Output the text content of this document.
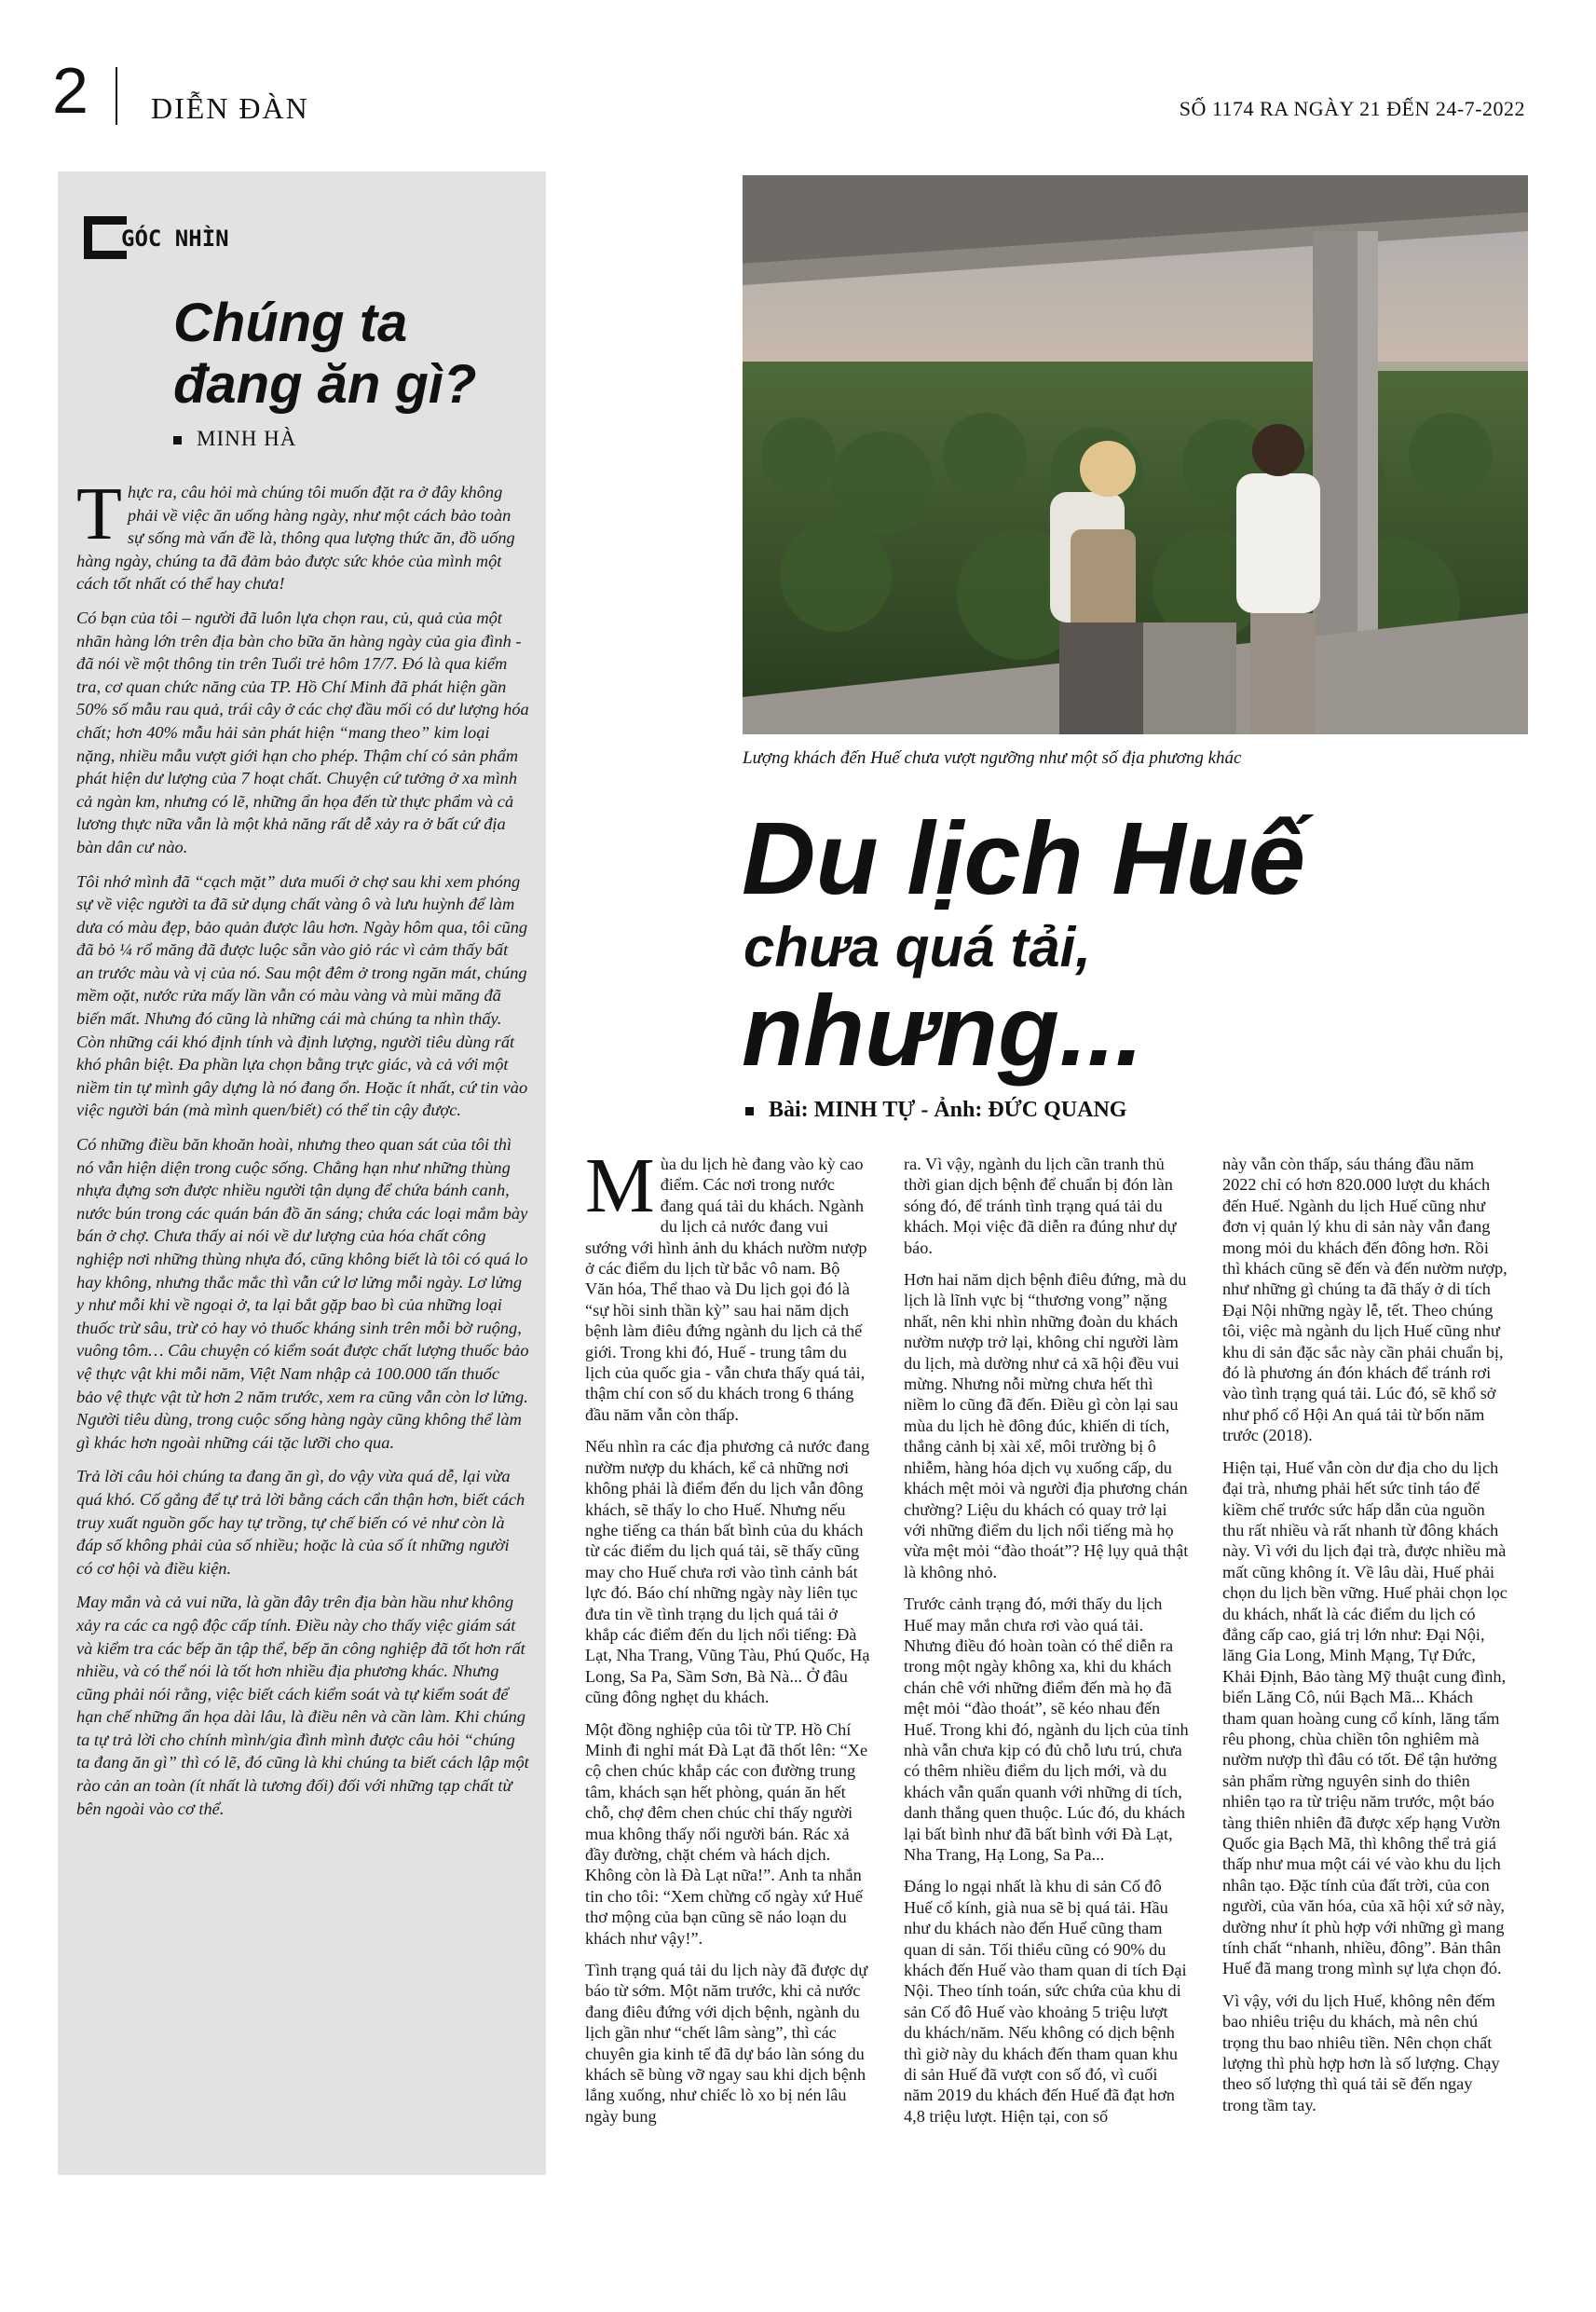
2 DIỄN ĐÀN	SỐ 1174 RA NGÀY 21 ĐẾN 24-7-2022
GÓC NHÌN
Chúng ta
đang ăn gì?
MINH HÀ

Thực ra, câu hỏi mà chúng tôi muốn đặt ra ở đây không phải về việc ăn uống hàng ngày, như một cách bảo toàn sự sống mà vấn đề là, thông qua lượng thức ăn, đồ uống hàng ngày, chúng ta đã đảm bảo được sức khỏe của mình một cách tốt nhất có thể hay chưa!

Có bạn của tôi – người đã luôn lựa chọn rau, củ, quả của một nhãn hàng lớn trên địa bàn cho bữa ăn hàng ngày của gia đình - đã nói về một thông tin trên Tuổi trẻ hôm 17/7. Đó là qua kiểm tra, cơ quan chức năng của TP. Hồ Chí Minh đã phát hiện gần 50% số mẫu rau quả, trái cây ở các chợ đầu mối có dư lượng hóa chất; hơn 40% mẫu hải sản phát hiện “mang theo” kim loại nặng, nhiều mẫu vượt giới hạn cho phép. Thậm chí có sản phẩm phát hiện dư lượng của 7 hoạt chất. Chuyện cứ tưởng ở xa mình cả ngàn km, nhưng có lẽ, những ẩn họa đến từ thực phẩm và cả lương thực nữa vẫn là một khả năng rất dễ xảy ra ở bất cứ địa bàn dân cư nào.

Tôi nhớ mình đã “cạch mặt” dưa muối ở chợ sau khi xem phóng sự về việc người ta đã sử dụng chất vàng ô và lưu huỳnh để làm dưa có màu đẹp, bảo quản được lâu hơn. Ngày hôm qua, tôi cũng đã bỏ ¼ rổ măng đã được luộc sẵn vào giỏ rác vì cảm thấy bất an trước màu và vị của nó. Sau một đêm ở trong ngăn mát, chúng mềm oặt, nước rửa mấy lần vẫn có màu vàng và mùi măng đã biến mất. Nhưng đó cũng là những cái mà chúng ta nhìn thấy. Còn những cái khó định tính và định lượng, người tiêu dùng rất khó phân biệt. Đa phần lựa chọn bằng trực giác, và cả với một niềm tin tự mình gây dựng là nó đang ổn. Hoặc ít nhất, cứ tin vào việc người bán (mà mình quen/biết) có thể tin cậy được.

Có những điều băn khoăn hoài, nhưng theo quan sát của tôi thì nó vẫn hiện diện trong cuộc sống. Chẳng hạn như những thùng nhựa đựng sơn được nhiều người tận dụng để chứa bánh canh, nước bún trong các quán bán đồ ăn sáng; chứa các loại mắm bày bán ở chợ. Chưa thấy ai nói về dư lượng của hóa chất công nghiệp nơi những thùng nhựa đó, cũng không biết là tôi có quá lo hay không, nhưng thắc mắc thì vẫn cứ lơ lửng mỗi ngày. Lơ lửng y như mỗi khi về ngoại ở, ta lại bắt gặp bao bì của những loại thuốc trừ sâu, trừ cỏ hay vỏ thuốc kháng sinh trên mỗi bờ ruộng, vuông tôm… Câu chuyện có kiểm soát được chất lượng thuốc bảo vệ thực vật khi mỗi năm, Việt Nam nhập cả 100.000 tấn thuốc bảo vệ thực vật từ hơn 2 năm trước, xem ra cũng vẫn còn lơ lửng. Người tiêu dùng, trong cuộc sống hàng ngày cũng không thể làm gì khác hơn ngoài những cái tặc lưỡi cho qua.

Trả lời câu hỏi chúng ta đang ăn gì, do vậy vừa quá dễ, lại vừa quá khó. Cố gắng để tự trả lời bằng cách cẩn thận hơn, biết cách truy xuất nguồn gốc hay tự trồng, tự chế biến có vẻ như còn là đáp số không phải của số nhiều; hoặc là của số ít những người có cơ hội và điều kiện.

May mắn và cả vui nữa, là gần đây trên địa bàn hầu như không xảy ra các ca ngộ độc cấp tính. Điều này cho thấy việc giám sát và kiểm tra các bếp ăn tập thể, bếp ăn công nghiệp đã tốt hơn rất nhiều, và có thể nói là tốt hơn nhiều địa phương khác. Nhưng cũng phải nói rằng, việc biết cách kiểm soát và tự kiểm soát để hạn chế những ẩn họa dài lâu, là điều nên và cần làm. Khi chúng ta tự trả lời cho chính mình/gia đình mình được câu hỏi “chúng ta đang ăn gì” thì có lẽ, đó cũng là khi chúng ta biết cách lập một rào cản an toàn (ít nhất là tương đối) đối với những tạp chất từ bên ngoài vào cơ thể.

Lượng khách đến Huế chưa vượt ngưỡng như một số địa phương khác
Du lịch Huế
chưa quá tải,
nhưng...
Bài: MINH TỰ - Ảnh: ĐỨC QUANG

Mùa du lịch hè đang vào kỳ cao điểm. Các nơi trong nước đang quá tải du khách. Ngành du lịch cả nước đang vui sướng với hình ảnh du khách nườm nượp ở các điểm du lịch từ bắc vô nam. Bộ Văn hóa, Thể thao và Du lịch gọi đó là “sự hồi sinh thần kỳ” sau hai năm dịch bệnh làm điêu đứng ngành du lịch cả thế giới. Trong khi đó, Huế - trung tâm du lịch của quốc gia - vẫn chưa thấy quá tải, thậm chí con số du khách trong 6 tháng đầu năm vẫn còn thấp.

Nếu nhìn ra các địa phương cả nước đang nườm nượp du khách, kể cả những nơi không phải là điểm đến du lịch vẫn đông khách, sẽ thấy lo cho Huế. Nhưng nếu nghe tiếng ca thán bất bình của du khách từ các điểm du lịch quá tải, sẽ thấy cũng may cho Huế chưa rơi vào tình cảnh bát lực đó. Báo chí những ngày này liên tục đưa tin về tình trạng du lịch quá tải ở khắp các điểm đến du lịch nổi tiếng: Đà Lạt, Nha Trang, Vũng Tàu, Phú Quốc, Hạ Long, Sa Pa, Sầm Sơn, Bà Nà... Ở đâu cũng đông nghẹt du khách.

Một đồng nghiệp của tôi từ TP. Hồ Chí Minh đi nghỉ mát Đà Lạt đã thốt lên: “Xe cộ chen chúc khắp các con đường trung tâm, khách sạn hết phòng, quán ăn hết chỗ, chợ đêm chen chúc chỉ thấy người mua không thấy nổi người bán. Rác xả đầy đường, chặt chém và hách dịch. Không còn là Đà Lạt nữa!”. Anh ta nhắn tin cho tôi: “Xem chừng cố ngày xứ Huế thơ mộng của bạn cũng sẽ náo loạn du khách như vậy!”.

Tình trạng quá tải du lịch này đã được dự báo từ sớm. Một năm trước, khi cả nước đang điêu đứng với dịch bệnh, ngành du lịch gần như “chết lâm sàng”, thì các chuyên gia kinh tế đã dự báo làn sóng du khách sẽ bùng vỡ ngay sau khi dịch bệnh lắng xuống, như chiếc lò xo bị nén lâu ngày bung

ra. Vì vậy, ngành du lịch cần tranh thủ thời gian dịch bệnh để chuẩn bị đón làn sóng đó, để tránh tình trạng quá tải du khách. Mọi việc đã diễn ra đúng như dự báo.

Hơn hai năm dịch bệnh điêu đứng, mà du lịch là lĩnh vực bị “thương vong” nặng nhất, nên khi nhìn những đoàn du khách nườm nượp trở lại, không chỉ người làm du lịch, mà dường như cả xã hội đều vui mừng. Nhưng nỗi mừng chưa hết thì niềm lo cũng đã đến. Điều gì còn lại sau mùa du lịch hè đông đúc, khiến di tích, thắng cảnh bị xài xể, môi trường bị ô nhiễm, hàng hóa dịch vụ xuống cấp, du khách mệt mỏi và người địa phương chán chường? Liệu du khách có quay trở lại với những điểm du lịch nổi tiếng mà họ vừa mệt mỏi “đào thoát”? Hệ lụy quả thật là không nhỏ.

Trước cảnh trạng đó, mới thấy du lịch Huế may mắn chưa rơi vào quá tải. Nhưng điều đó hoàn toàn có thể diễn ra trong một ngày không xa, khi du khách chán chê với những điểm đến mà họ đã mệt mỏi “đào thoát”, sẽ kéo nhau đến Huế. Trong khi đó, ngành du lịch của tỉnh nhà vẫn chưa kịp có đủ chỗ lưu trú, chưa có thêm nhiều điểm du lịch mới, và du khách vẫn quẩn quanh với những di tích, danh thắng quen thuộc. Lúc đó, du khách lại bất bình như đã bất bình với Đà Lạt, Nha Trang, Hạ Long, Sa Pa...

Đáng lo ngại nhất là khu di sản Cố đô Huế cổ kính, già nua sẽ bị quá tải. Hầu như du khách nào đến Huế cũng tham quan di sản. Tối thiểu cũng có 90% du khách đến Huế vào tham quan di tích Đại Nội. Theo tính toán, sức chứa của khu di sản Cố đô Huế vào khoảng 5 triệu lượt du khách/năm. Nếu không có dịch bệnh thì giờ này du khách đến tham quan khu di sản Huế đã vượt con số đó, vì cuối năm 2019 du khách đến Huế đã đạt hơn 4,8 triệu lượt. Hiện tại, con số

này vẫn còn thấp, sáu tháng đầu năm 2022 chỉ có hơn 820.000 lượt du khách đến Huế. Ngành du lịch Huế cũng như đơn vị quản lý khu di sản này vẫn đang mong mỏi du khách đến đông hơn. Rồi thì khách cũng sẽ đến và đến nườm nượp, như những gì chúng ta đã thấy ở di tích Đại Nội những ngày lễ, tết. Theo chúng tôi, việc mà ngành du lịch Huế cũng như khu di sản đặc sắc này cần phải chuẩn bị, đó là phương án đón khách để tránh rơi vào tình trạng quá tải. Lúc đó, sẽ khổ sở như phố cổ Hội An quá tải từ bốn năm trước (2018).

Hiện tại, Huế vẫn còn dư địa cho du lịch đại trà, nhưng phải hết sức tỉnh táo để kiềm chế trước sức hấp dẫn của nguồn thu rất nhiều và rất nhanh từ đông khách này. Vì với du lịch đại trà, được nhiều mà mất cũng không ít. Về lâu dài, Huế phải chọn du lịch bền vững. Huế phải chọn lọc du khách, nhất là các điểm du lịch có đẳng cấp cao, giá trị lớn như: Đại Nội, lăng Gia Long, Minh Mạng, Tự Đức, Khải Định, Bảo tàng Mỹ thuật cung đình, biển Lăng Cô, núi Bạch Mã... Khách tham quan hoàng cung cổ kính, lăng tẩm rêu phong, chùa chiền tôn nghiêm mà nườm nượp thì đâu có tốt. Để tận hưởng sản phẩm rừng nguyên sinh do thiên nhiên tạo ra từ triệu năm trước, một báo tàng thiên nhiên đã được xếp hạng Vườn Quốc gia Bạch Mã, thì không thể trả giá thấp như mua một cái vé vào khu du lịch nhân tạo. Đặc tính của đất trời, của con người, của văn hóa, của xã hội xứ sở này, dường như ít phù hợp với những gì mang tính chất “nhanh, nhiều, đông”. Bản thân Huế đã mang trong mình sự lựa chọn đó.

Vì vậy, với du lịch Huế, không nên đếm bao nhiêu triệu du khách, mà nên chú trọng thu bao nhiêu tiền. Nên chọn chất lượng thì phù hợp hơn là số lượng. Chạy theo số lượng thì quá tải sẽ đến ngay trong tầm tay.
